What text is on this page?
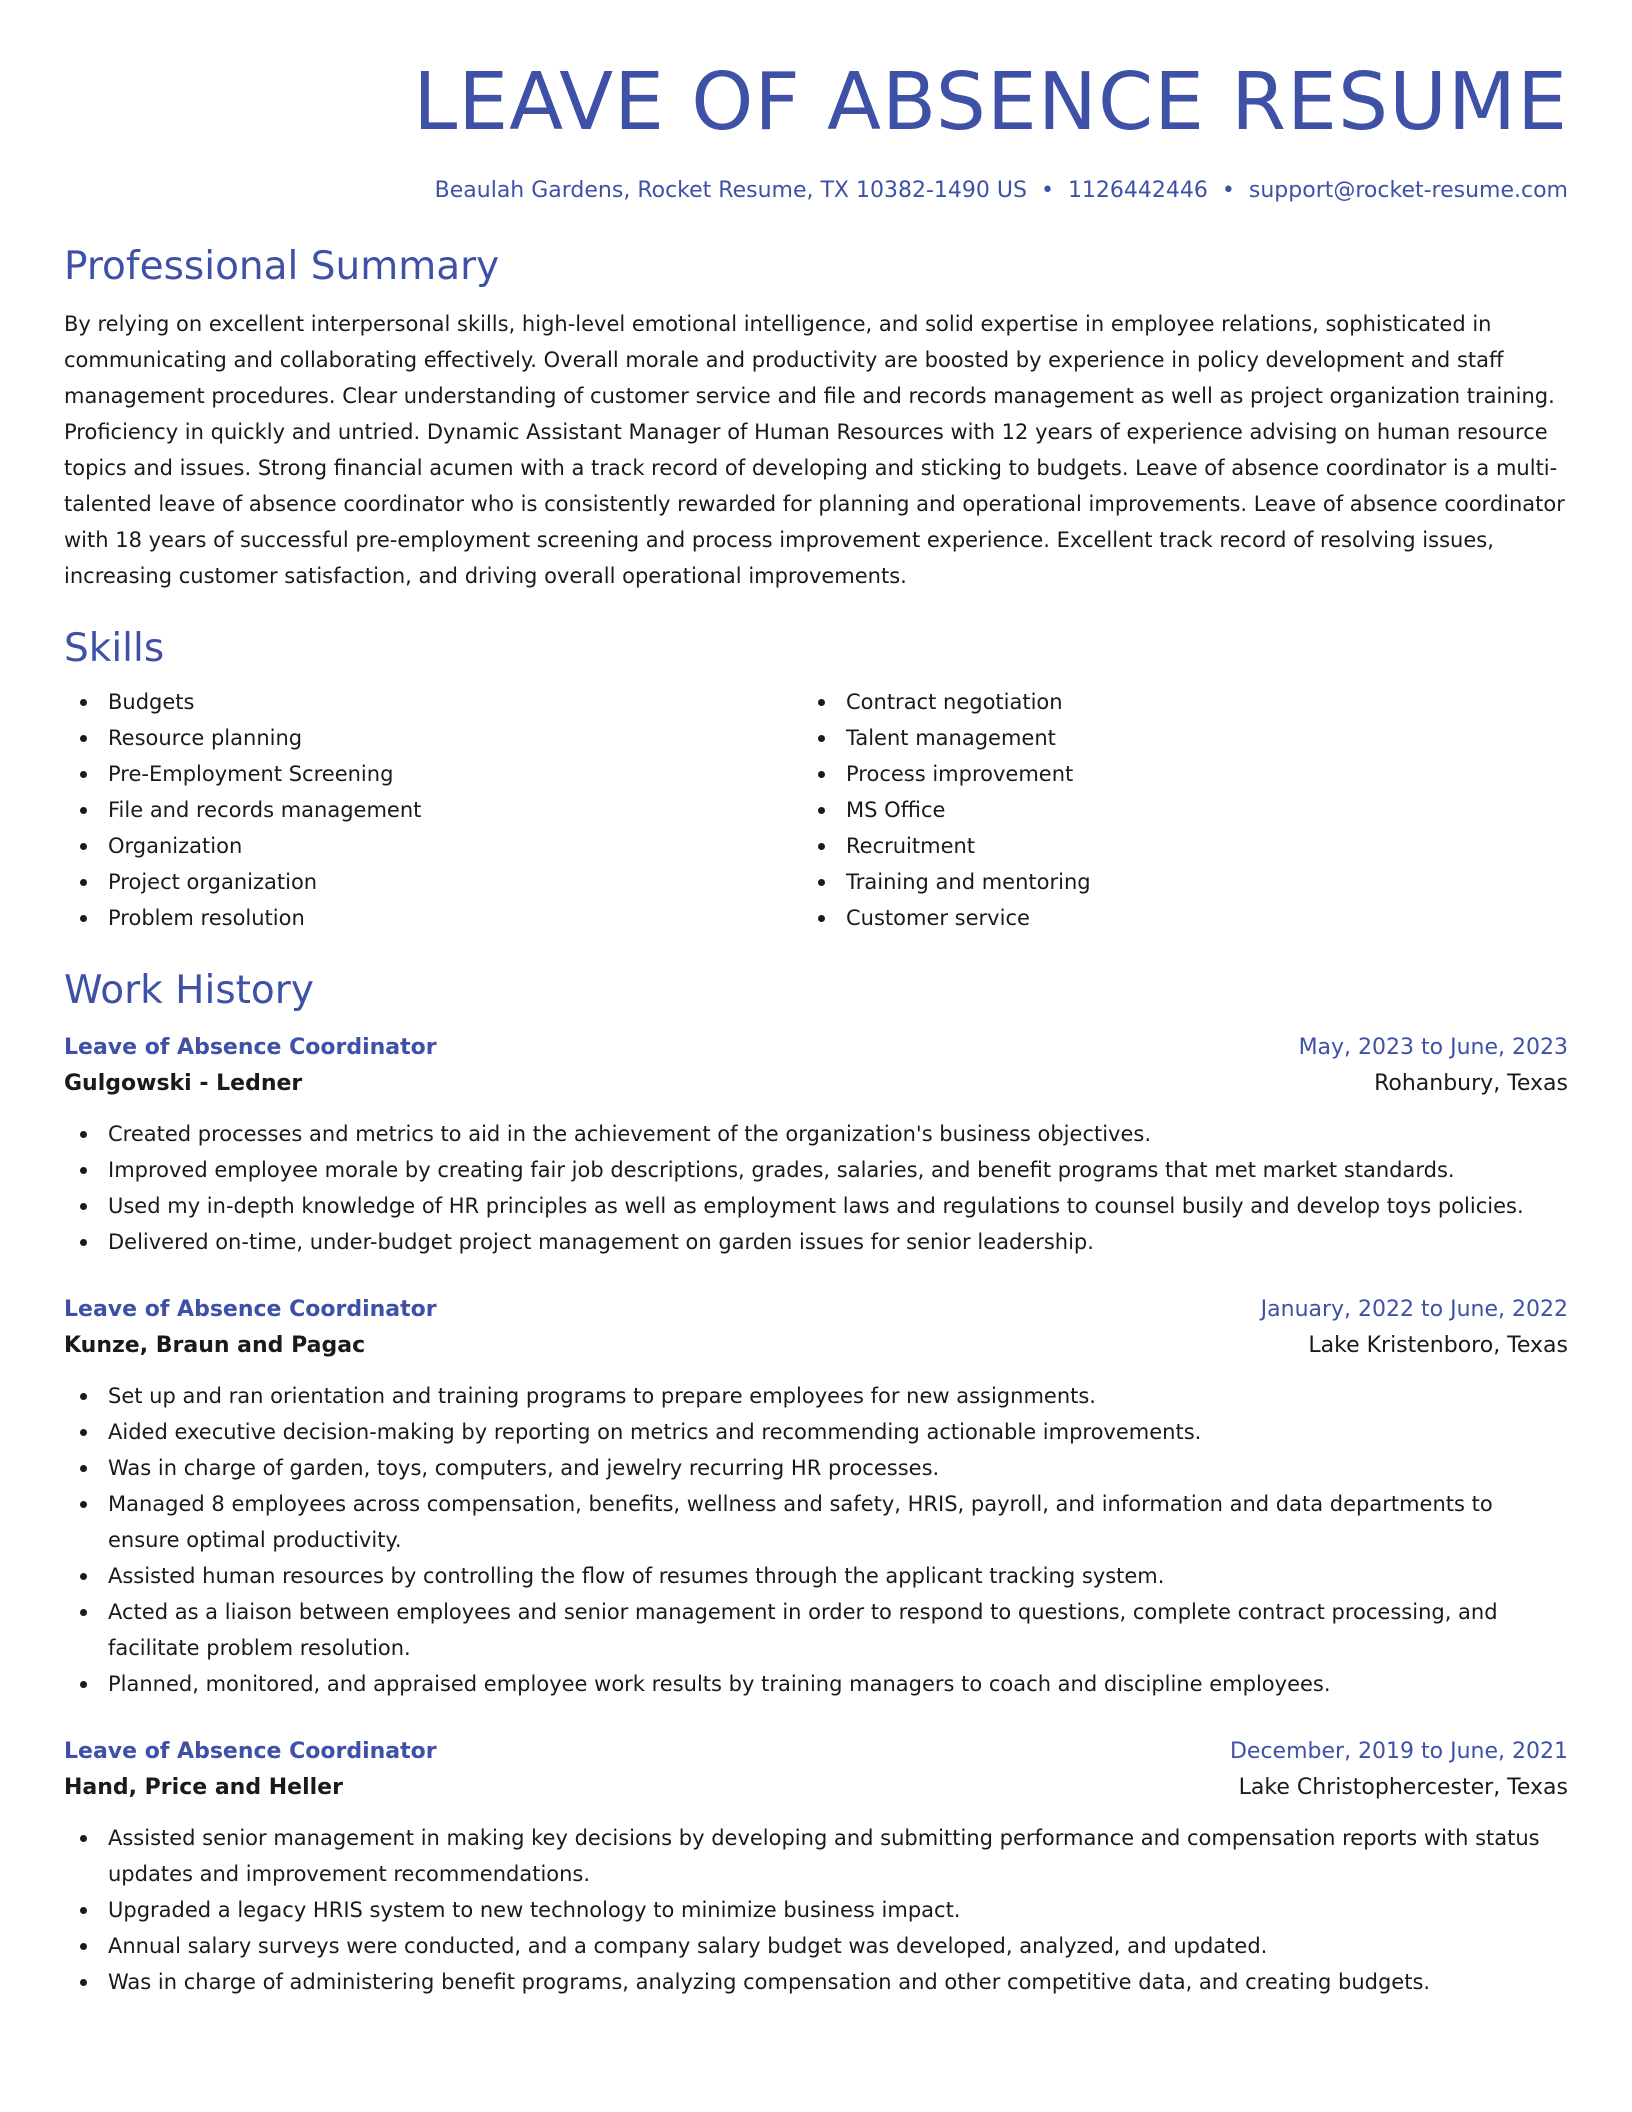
LEAVE OF ABSENCE RESUME
Beaulah Gardens, Rocket Resume, TX 10382-1490 US • 1126442446 • support@rocket-resume.com
Professional Summary
By relying on excellent interpersonal skills, high-level emotional intelligence, and solid expertise in employee relations, sophisticated in communicating and collaborating effectively. Overall morale and productivity are boosted by experience in policy development and staff management procedures. Clear understanding of customer service and file and records management as well as project organization training. Proficiency in quickly and untried. Dynamic Assistant Manager of Human Resources with 12 years of experience advising on human resource topics and issues. Strong financial acumen with a track record of developing and sticking to budgets. Leave of absence coordinator is a multi-talented leave of absence coordinator who is consistently rewarded for planning and operational improvements. Leave of absence coordinator with 18 years of successful pre-employment screening and process improvement experience. Excellent track record of resolving issues, increasing customer satisfaction, and driving overall operational improvements.
Skills
Budgets
Resource planning
Pre-Employment Screening
File and records management
Organization
Project organization
Problem resolution
Contract negotiation
Talent management
Process improvement
MS Office
Recruitment
Training and mentoring
Customer service
Work History
Leave of Absence Coordinator	May, 2023 to June, 2023
Gulgowski - Ledner	Rohanbury, Texas
Created processes and metrics to aid in the achievement of the organization's business objectives.
Improved employee morale by creating fair job descriptions, grades, salaries, and benefit programs that met market standards.
Used my in-depth knowledge of HR principles as well as employment laws and regulations to counsel busily and develop toys policies.
Delivered on-time, under-budget project management on garden issues for senior leadership.
Leave of Absence Coordinator	January, 2022 to June, 2022
Kunze, Braun and Pagac	Lake Kristenboro, Texas
Set up and ran orientation and training programs to prepare employees for new assignments.
Aided executive decision-making by reporting on metrics and recommending actionable improvements.
Was in charge of garden, toys, computers, and jewelry recurring HR processes.
Managed 8 employees across compensation, benefits, wellness and safety, HRIS, payroll, and information and data departments to ensure optimal productivity.
Assisted human resources by controlling the flow of resumes through the applicant tracking system.
Acted as a liaison between employees and senior management in order to respond to questions, complete contract processing, and facilitate problem resolution.
Planned, monitored, and appraised employee work results by training managers to coach and discipline employees.
Leave of Absence Coordinator	December, 2019 to June, 2021
Hand, Price and Heller	Lake Christophercester, Texas
Assisted senior management in making key decisions by developing and submitting performance and compensation reports with status updates and improvement recommendations.
Upgraded a legacy HRIS system to new technology to minimize business impact.
Annual salary surveys were conducted, and a company salary budget was developed, analyzed, and updated.
Was in charge of administering benefit programs, analyzing compensation and other competitive data, and creating budgets.
